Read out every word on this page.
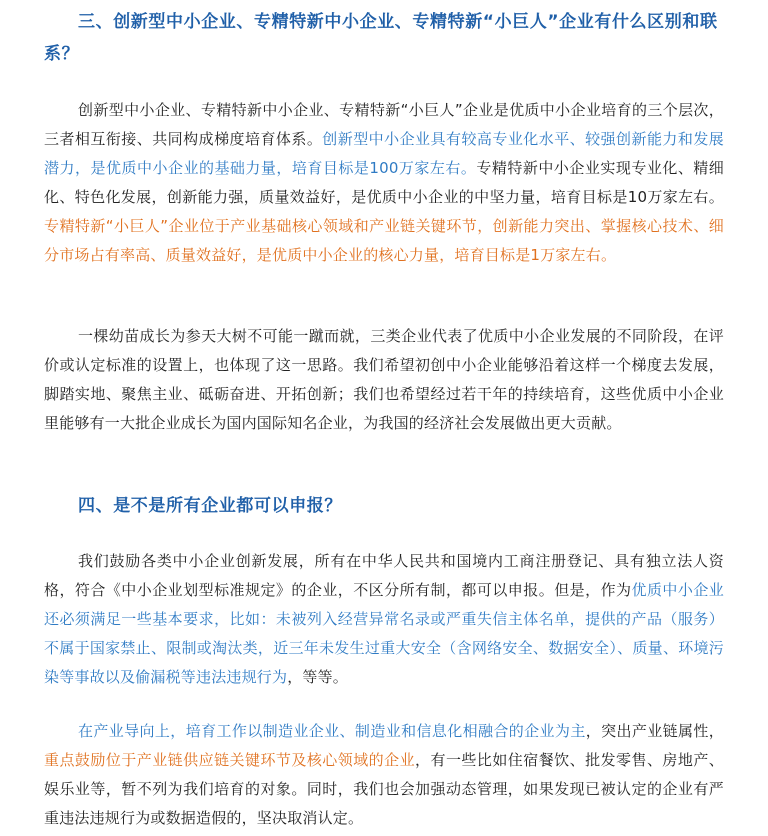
三、创新型中小企业、专精特新中小企业、专精特新“小巨人”企业有什么区别和联系？

创新型中小企业、专精特新中小企业、专精特新“小巨人”企业是优质中小企业培育的三个层次，三者相互衔接、共同构成梯度培育体系。创新型中小企业具有较高专业化水平、较强创新能力和发展潜力，是优质中小企业的基础力量，培育目标是100万家左右。专精特新中小企业实现专业化、精细化、特色化发展，创新能力强，质量效益好，是优质中小企业的中坚力量，培育目标是10万家左右。专精特新“小巨人”企业位于产业基础核心领域和产业链关键环节，创新能力突出、掌握核心技术、细分市场占有率高、质量效益好，是优质中小企业的核心力量，培育目标是1万家左右。

一棵幼苗成长为参天大树不可能一蹴而就，三类企业代表了优质中小企业发展的不同阶段，在评价或认定标准的设置上，也体现了这一思路。我们希望初创中小企业能够沿着这样一个梯度去发展，脚踏实地、聚焦主业、砥砺奋进、开拓创新；我们也希望经过若干年的持续培育，这些优质中小企业里能够有一大批企业成长为国内国际知名企业，为我国的经济社会发展做出更大贡献。

四、是不是所有企业都可以申报？

我们鼓励各类中小企业创新发展，所有在中华人民共和国境内工商注册登记、具有独立法人资格，符合《中小企业划型标准规定》的企业，不区分所有制，都可以申报。但是，作为优质中小企业还必须满足一些基本要求，比如：未被列入经营异常名录或严重失信主体名单，提供的产品（服务）不属于国家禁止、限制或淘汰类，近三年未发生过重大安全（含网络安全、数据安全）、质量、环境污染等事故以及偷漏税等违法违规行为，等等。

在产业导向上，培育工作以制造业企业、制造业和信息化相融合的企业为主，突出产业链属性，重点鼓励位于产业链供应链关键环节及核心领域的企业，有一些比如住宿餐饮、批发零售、房地产、娱乐业等，暂不列为我们培育的对象。同时，我们也会加强动态管理，如果发现已被认定的企业有严重违法违规行为或数据造假的，坚决取消认定。
